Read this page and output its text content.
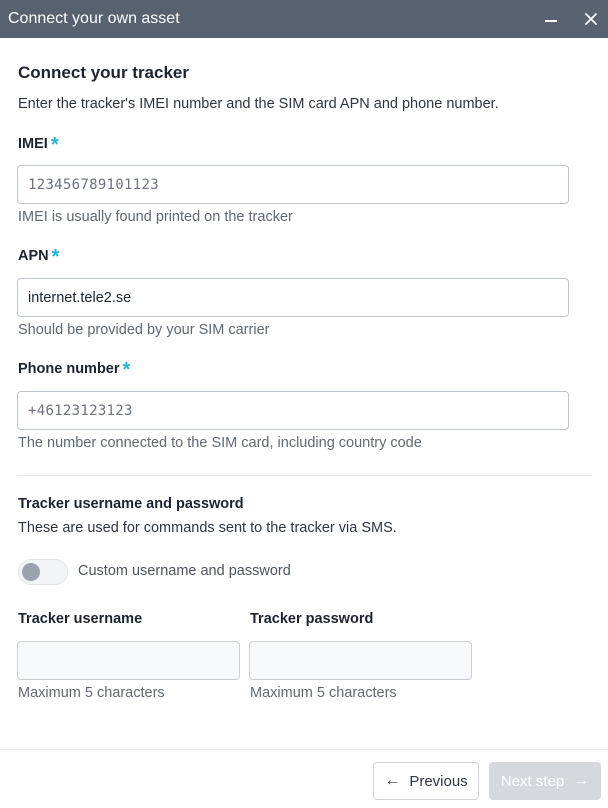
Connect your own asset
Connect your tracker
Enter the tracker's IMEI number and the SIM card APN and phone number.
IMEI *
123456789101123
IMEI is usually found printed on the tracker
APN *
internet.tele2.se
Should be provided by your SIM carrier
Phone number *
+46123123123
The number connected to the SIM card, including country code
Tracker username and password
These are used for commands sent to the tracker via SMS.
Custom username and password
Tracker username	Tracker password
Maximum 5 characters	Maximum 5 characters
← Previous Next step →
